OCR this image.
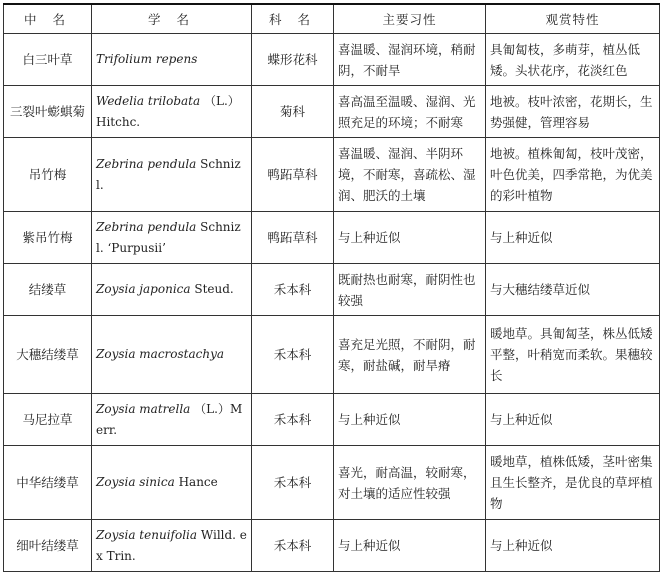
中 名	学 名	科 名	主要习性	观赏特性
白三叶草	Trifolium repens	蝶形花科	喜温暖、湿润环境，稍耐阴，不耐旱	具匍匐枝，多萌芽，植丛低矮。头状花序，花淡红色
三裂叶蟛蜞菊	Wedelia trilobata （L.）Hitchc.	菊科	喜高温至温暖、湿润、光照充足的环境；不耐寒	地被。枝叶浓密，花期长，生势强健，管理容易
吊竹梅	Zebrina pendula Schnizl.	鸭跖草科	喜温暖、湿润、半阴环境，不耐寒，喜疏松、湿润、肥沃的土壤	地被。植株匍匐，枝叶茂密，叶色优美，四季常艳，为优美的彩叶植物
紫吊竹梅	Zebrina pendula Schnizl. ‘Purpusii’	鸭跖草科	与上种近似	与上种近似
结缕草	Zoysia japonica Steud.	禾本科	既耐热也耐寒，耐阴性也较强	与大穗结缕草近似
大穗结缕草	Zoysia macrostachya	禾本科	喜充足光照，不耐阴，耐寒，耐盐碱，耐旱瘠	暖地草。具匍匐茎，株丛低矮平整，叶稍宽而柔软。果穗较长
马尼拉草	Zoysia matrella （L.）Merr.	禾本科	与上种近似	与上种近似
中华结缕草	Zoysia sinica Hance	禾本科	喜光，耐高温，较耐寒，对土壤的适应性较强	暖地草，植株低矮，茎叶密集且生长整齐，是优良的草坪植物
细叶结缕草	Zoysia tenuifolia Willd. ex Trin.	禾本科	与上种近似	与上种近似
